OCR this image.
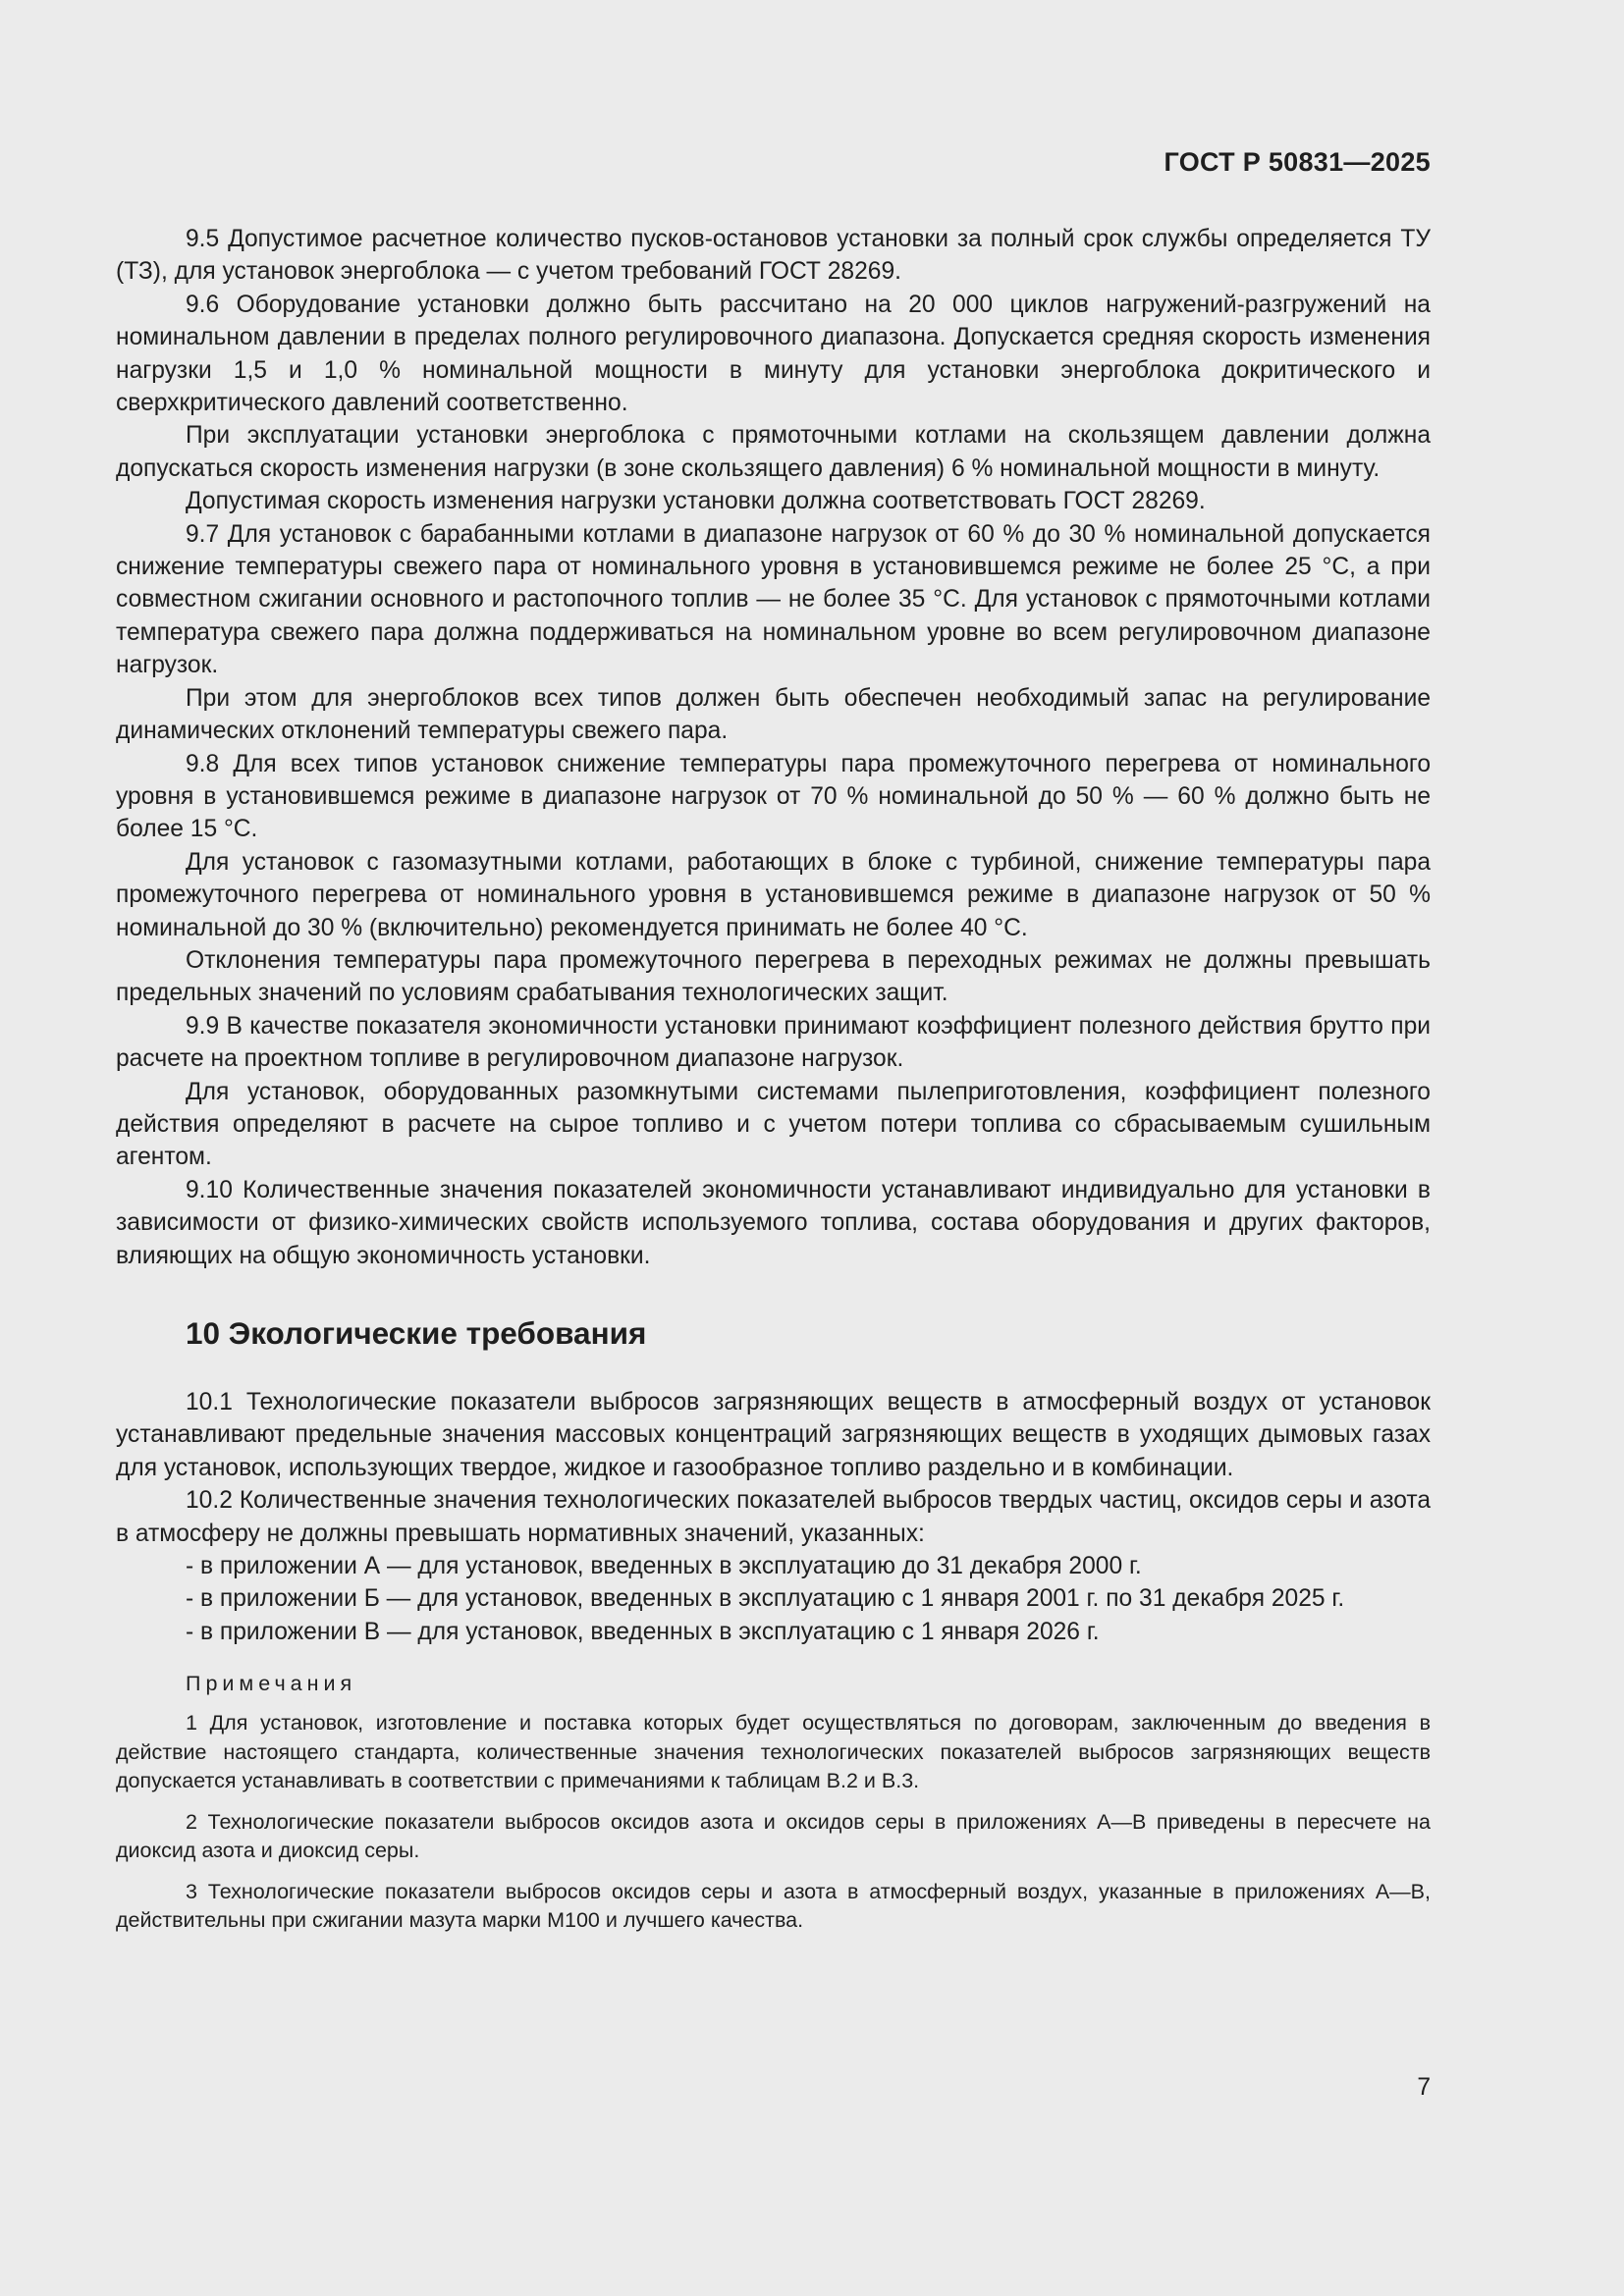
ГОСТ Р 50831—2025

9.5 Допустимое расчетное количество пусков-остановов установки за полный срок службы определяется ТУ (ТЗ), для установок энергоблока — с учетом требований ГОСТ 28269.

9.6 Оборудование установки должно быть рассчитано на 20 000 циклов нагружений-разгружений на номинальном давлении в пределах полного регулировочного диапазона. Допускается средняя скорость изменения нагрузки 1,5 и 1,0 % номинальной мощности в минуту для установки энергоблока докритического и сверхкритического давлений соответственно.

При эксплуатации установки энергоблока с прямоточными котлами на скользящем давлении должна допускаться скорость изменения нагрузки (в зоне скользящего давления) 6 % номинальной мощности в минуту.

Допустимая скорость изменения нагрузки установки должна соответствовать ГОСТ 28269.

9.7 Для установок с барабанными котлами в диапазоне нагрузок от 60 % до 30 % номинальной допускается снижение температуры свежего пара от номинального уровня в установившемся режиме не более 25 °С, а при совместном сжигании основного и растопочного топлив — не более 35 °С. Для установок с прямоточными котлами температура свежего пара должна поддерживаться на номинальном уровне во всем регулировочном диапазоне нагрузок.

При этом для энергоблоков всех типов должен быть обеспечен необходимый запас на регулирование динамических отклонений температуры свежего пара.

9.8 Для всех типов установок снижение температуры пара промежуточного перегрева от номинального уровня в установившемся режиме в диапазоне нагрузок от 70 % номинальной до 50 % — 60 % должно быть не более 15 °С.

Для установок с газомазутными котлами, работающих в блоке с турбиной, снижение температуры пара промежуточного перегрева от номинального уровня в установившемся режиме в диапазоне нагрузок от 50 % номинальной до 30 % (включительно) рекомендуется принимать не более 40 °С.

Отклонения температуры пара промежуточного перегрева в переходных режимах не должны превышать предельных значений по условиям срабатывания технологических защит.

9.9 В качестве показателя экономичности установки принимают коэффициент полезного действия брутто при расчете на проектном топливе в регулировочном диапазоне нагрузок.

Для установок, оборудованных разомкнутыми системами пылеприготовления, коэффициент полезного действия определяют в расчете на сырое топливо и с учетом потери топлива со сбрасываемым сушильным агентом.

9.10 Количественные значения показателей экономичности устанавливают индивидуально для установки в зависимости от физико-химических свойств используемого топлива, состава оборудования и других факторов, влияющих на общую экономичность установки.

10 Экологические требования

10.1 Технологические показатели выбросов загрязняющих веществ в атмосферный воздух от установок устанавливают предельные значения массовых концентраций загрязняющих веществ в уходящих дымовых газах для установок, использующих твердое, жидкое и газообразное топливо раздельно и в комбинации.

10.2 Количественные значения технологических показателей выбросов твердых частиц, оксидов серы и азота в атмосферу не должны превышать нормативных значений, указанных:

- в приложении А — для установок, введенных в эксплуатацию до 31 декабря 2000 г.

- в приложении Б — для установок, введенных в эксплуатацию с 1 января 2001 г. по 31 декабря 2025 г.

- в приложении В — для установок, введенных в эксплуатацию с 1 января 2026 г.

Примечания

1 Для установок, изготовление и поставка которых будет осуществляться по договорам, заключенным до введения в действие настоящего стандарта, количественные значения технологических показателей выбросов загрязняющих веществ допускается устанавливать в соответствии с примечаниями к таблицам В.2 и В.3.

2 Технологические показатели выбросов оксидов азота и оксидов серы в приложениях А—В приведены в пересчете на диоксид азота и диоксид серы.

3 Технологические показатели выбросов оксидов серы и азота в атмосферный воздух, указанные в приложениях А—В, действительны при сжигании мазута марки М100 и лучшего качества.

7
